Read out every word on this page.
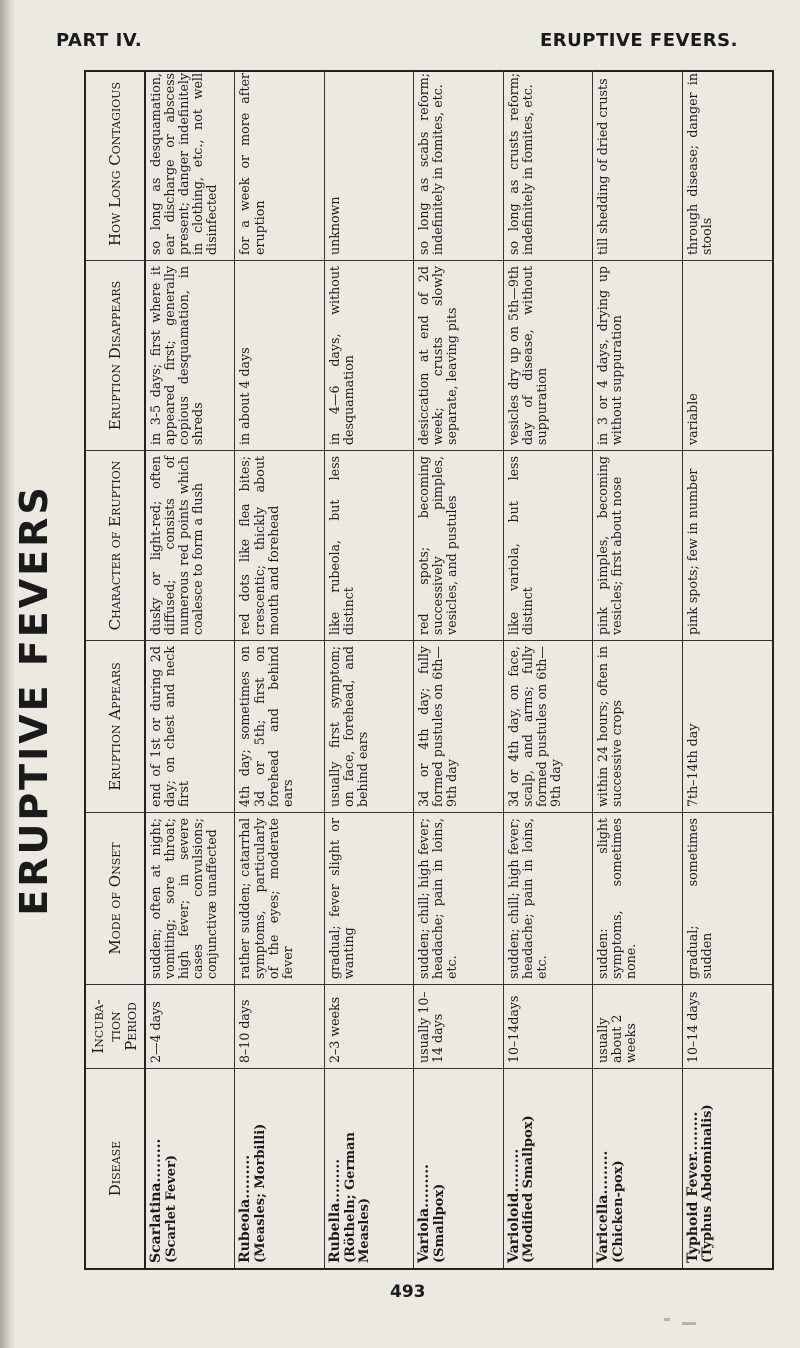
PART IV.	ERUPTIVE FEVERS.
ERUPTIVE FEVERS
Disease
Incuba-tion Period
Mode of Onset
Eruption Appears
Character of Eruption
Eruption Disappears
How Long Contagious
Scarlatina......... (Scarlet Fever)
2—4 days
sudden; often at night; vomiting; sore throat; high fever; in severe cases convulsions; conjunctivæ unaffected
end of 1st or during 2d day; on chest and neck first
dusky or light-red; often diffused; consists of numerous red points which coalesce to form a flush
in 3-5 days; first where it appeared first; generally copious desquamation, in shreds
so long as desquamation, ear discharge or abscess present; danger indefinitely in clothing, etc., not well disinfected
Rubeola......... (Measles; Morbilli)
8–10 days
rather sudden; catarrhal symptoms, particularly of the eyes; moderate fever
4th day; sometimes on 3d or 5th; first on forehead and behind ears
red dots like flea bites; crescentic; thickly about mouth and forehead
in about 4 days
for a week or more after eruption
Rubella......... (Rötheln; German Measles)
2–3 weeks
gradual; fever slight or wanting
usually first symptom; on face, forehead, and behind ears
like rubeola, but less distinct
in 4—6 days, without desquamation
unknown
Variola......... (Smallpox)
usually 10–14 days
sudden; chill; high fever; headache; pain in loins, etc.
3d or 4th day; fully formed pustules on 6th—9th day
red spots; becoming successively pimples, vesicles, and pustules
desiccation at end of 2d week; crusts slowly separate, leaving pits
so long as scabs reform; indefinitely in fomites, etc.
Varioloid......... (Modified Smallpox)
10–14days
sudden; chill; high fever; headache; pain in loins, etc.
3d or 4th day, on face, scalp, and arms; fully formed pustules on 6th—9th day
like variola, but less distinct
vesicles dry up on 5th—9th day of disease, without suppuration
so long as crusts reform; indefinitely in fomites, etc.
Varicella......... (Chicken-pox)
usually about 2 weeks
sudden: slight symptoms, sometimes none.
within 24 hours; often in successive crops
pink pimples, becoming vesicles; first about nose
in 3 or 4 days, drying up without suppuration
till shedding of dried crusts
Typhoid Fever......... (Typhus Abdominalis)
10–14 days
gradual; sometimes sudden
7th–14th day
pink spots; few in number
variable
through disease; danger in stools
493
